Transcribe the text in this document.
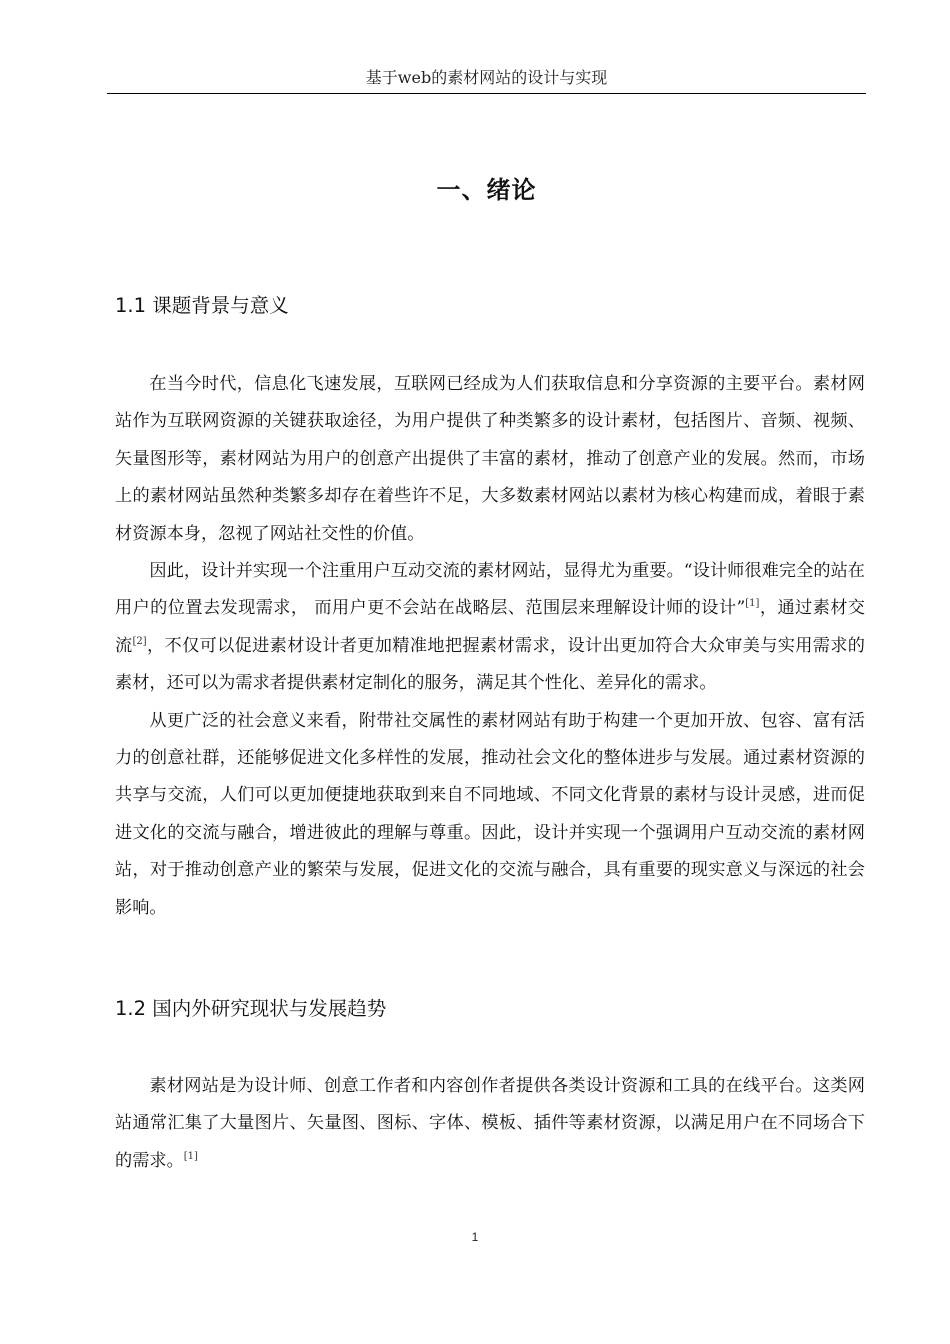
基于web的素材网站的设计与实现
一、绪论
1.1 课题背景与意义

在当今时代，信息化飞速发展，互联网已经成为人们获取信息和分享资源的主要平台。素材网站作为互联网资源的关键获取途径，为用户提供了种类繁多的设计素材，包括图片、音频、视频、矢量图形等，素材网站为用户的创意产出提供了丰富的素材，推动了创意产业的发展。然而，市场上的素材网站虽然种类繁多却存在着些许不足，大多数素材网站以素材为核心构建而成，着眼于素材资源本身，忽视了网站社交性的价值。

因此，设计并实现一个注重用户互动交流的素材网站，显得尤为重要。“设计师很难完全的站在用户的位置去发现需求， 而用户更不会站在战略层、范围层来理解设计师的设计”[1]，通过素材交流[2]，不仅可以促进素材设计者更加精准地把握素材需求，设计出更加符合大众审美与实用需求的素材，还可以为需求者提供素材定制化的服务，满足其个性化、差异化的需求。

从更广泛的社会意义来看，附带社交属性的素材网站有助于构建一个更加开放、包容、富有活力的创意社群，还能够促进文化多样性的发展，推动社会文化的整体进步与发展。通过素材资源的共享与交流，人们可以更加便捷地获取到来自不同地域、不同文化背景的素材与设计灵感，进而促进文化的交流与融合，增进彼此的理解与尊重。因此，设计并实现一个强调用户互动交流的素材网站，对于推动创意产业的繁荣与发展，促进文化的交流与融合，具有重要的现实意义与深远的社会影响。

1.2 国内外研究现状与发展趋势

素材网站是为设计师、创意工作者和内容创作者提供各类设计资源和工具的在线平台。这类网站通常汇集了大量图片、矢量图、图标、字体、模板、插件等素材资源，以满足用户在不同场合下的需求。[1]

1
